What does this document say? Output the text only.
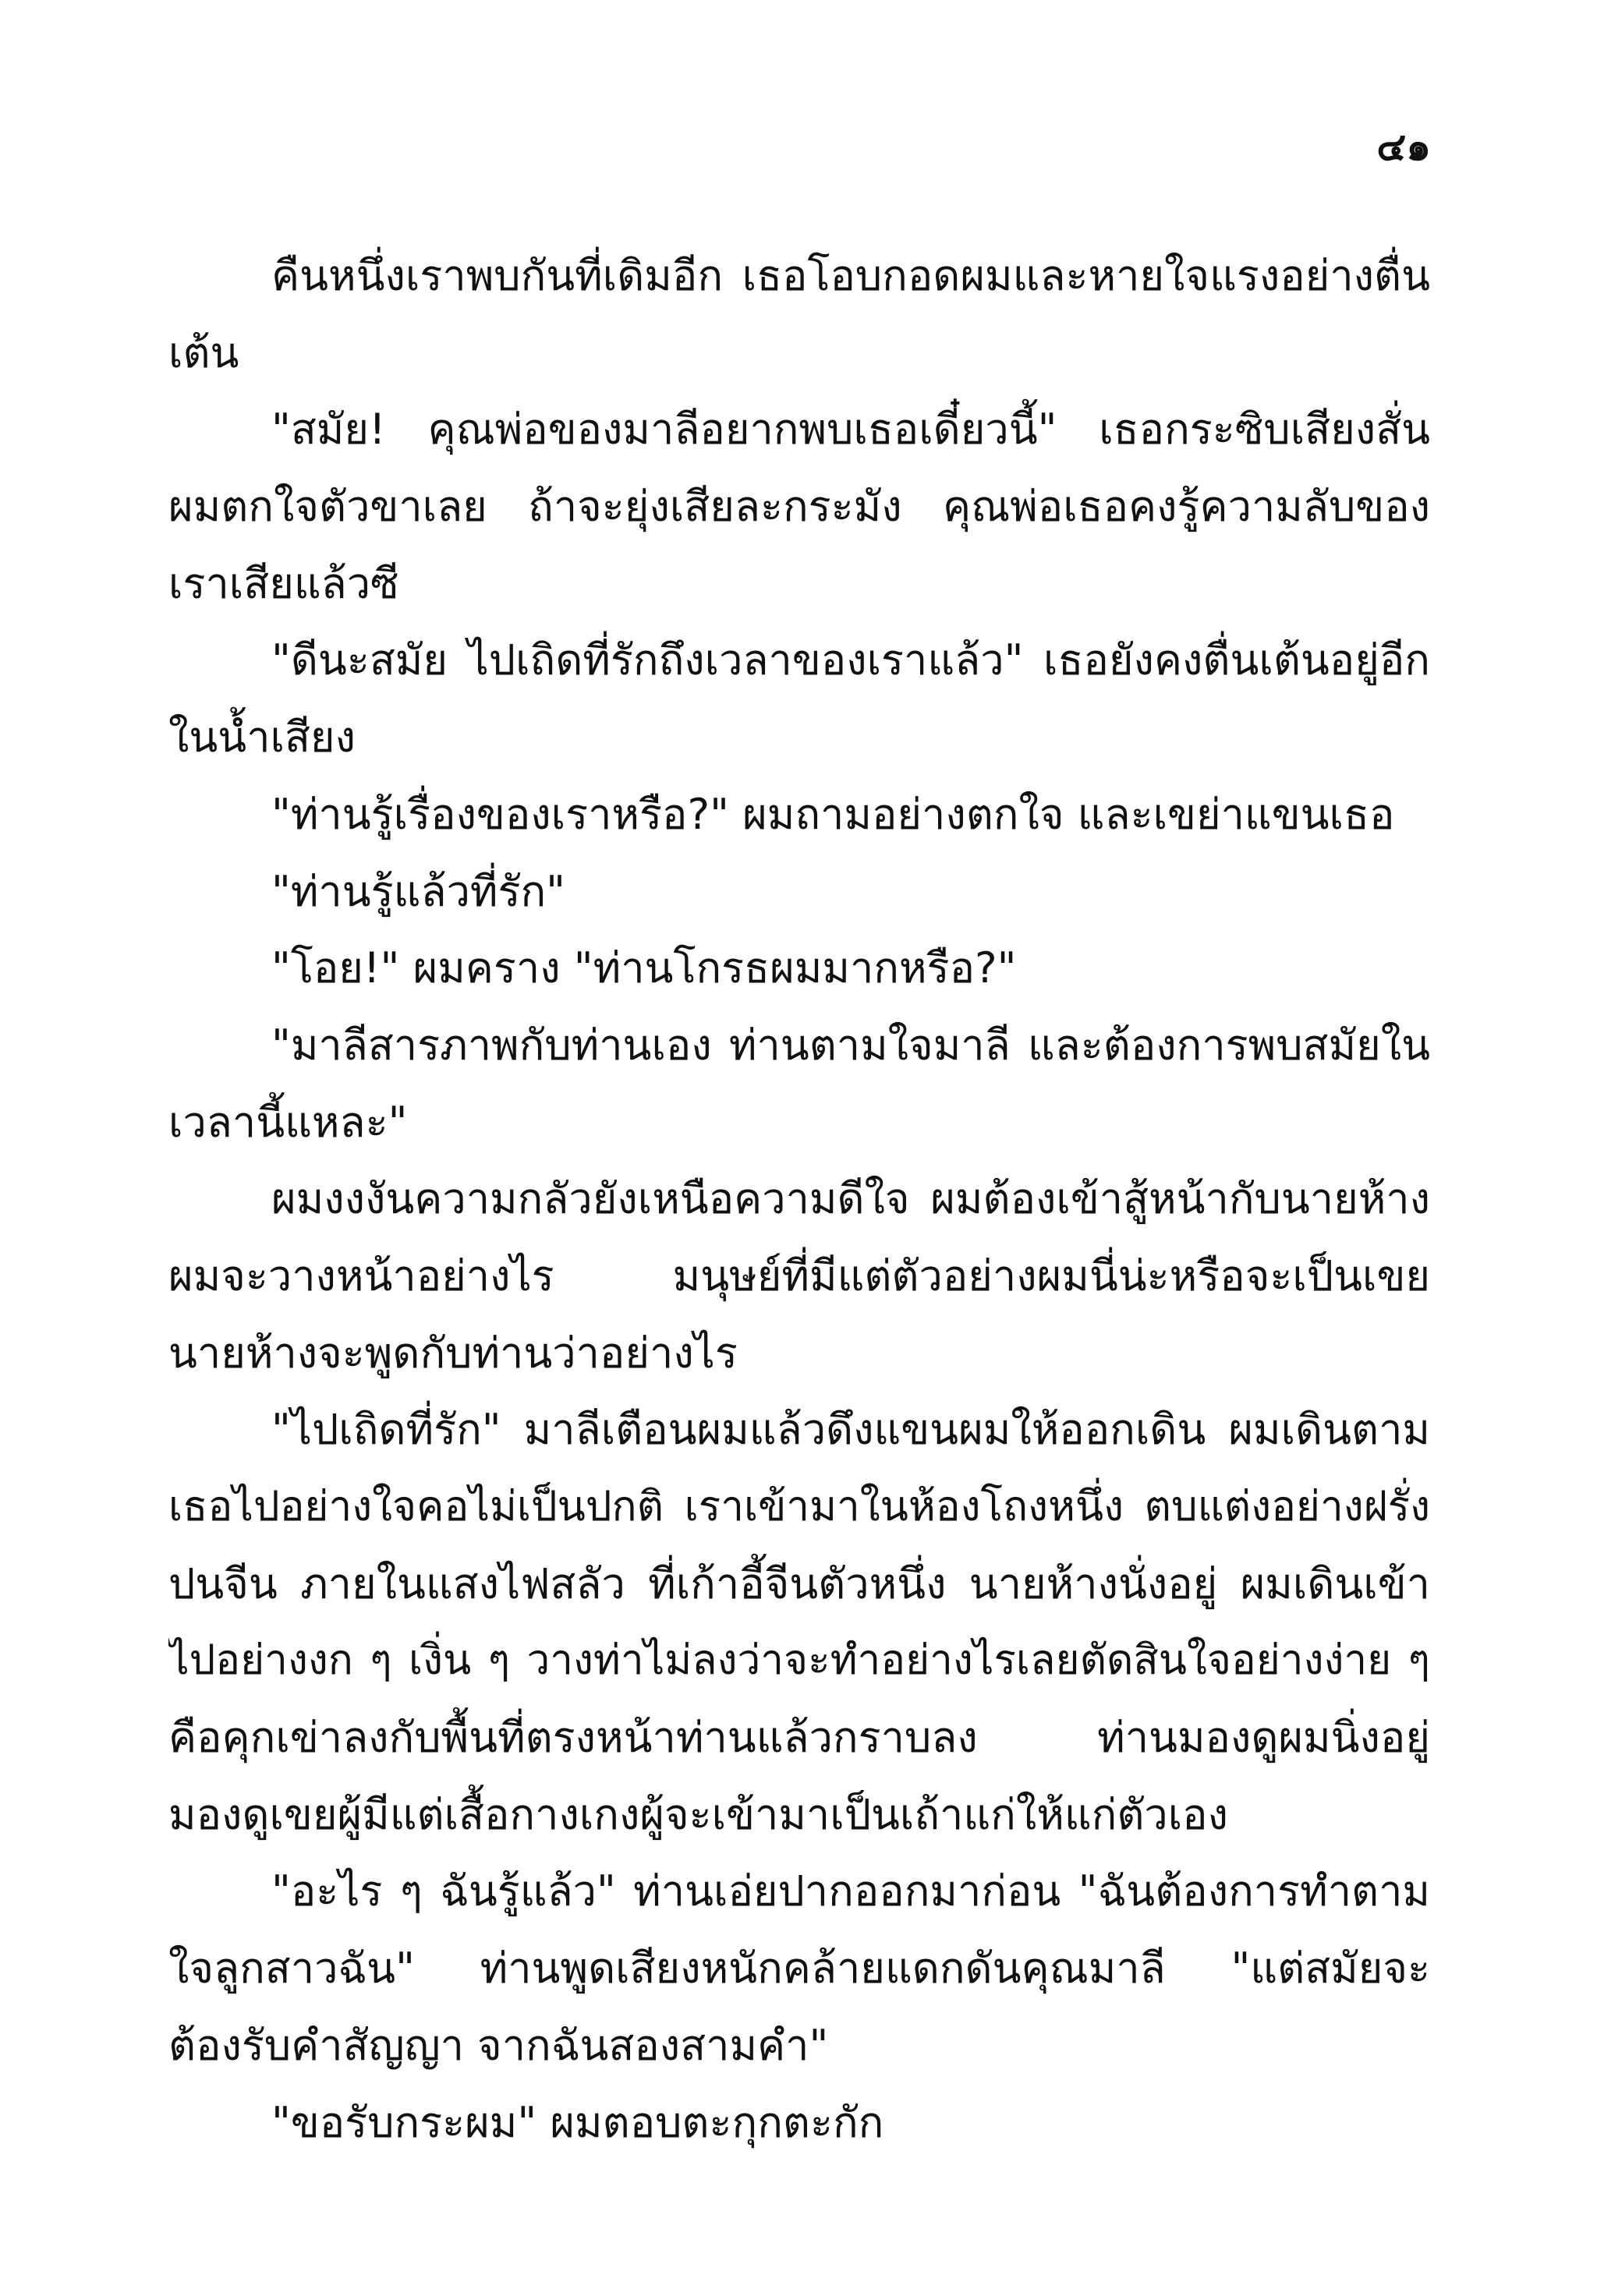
๔๑
คืนหนึ่งเราพบกันที่เดิมอีก เธอโอบกอดผมและหายใจแรงอย่างตื่น
เต้น
"สมัย! คุณพ่อของมาลีอยากพบเธอเดี๋ยวนี้" เธอกระซิบเสียงสั่น
ผมตกใจตัวขาเลย ถ้าจะยุ่งเสียละกระมัง คุณพ่อเธอคงรู้ความลับของ
เราเสียแล้วซี
"ดีนะสมัย ไปเถิดที่รักถึงเวลาของเราแล้ว" เธอยังคงตื่นเต้นอยู่อีก
ในน้ำเสียง
"ท่านรู้เรื่องของเราหรือ?" ผมถามอย่างตกใจ และเขย่าแขนเธอ
"ท่านรู้แล้วที่รัก"
"โอย!" ผมคราง "ท่านโกรธผมมากหรือ?"
"มาลีสารภาพกับท่านเอง ท่านตามใจมาลี และต้องการพบสมัยใน
เวลานี้แหละ"
ผมงงงันความกลัวยังเหนือความดีใจ ผมต้องเข้าสู้หน้ากับนายห้าง
ผมจะวางหน้าอย่างไร มนุษย์ที่มีแต่ตัวอย่างผมนี่น่ะหรือจะเป็นเขย
นายห้างจะพูดกับท่านว่าอย่างไร
"ไปเถิดที่รัก" มาลีเตือนผมแล้วดึงแขนผมให้ออกเดิน ผมเดินตาม
เธอไปอย่างใจคอไม่เป็นปกติ เราเข้ามาในห้องโถงหนึ่ง ตบแต่งอย่างฝรั่ง
ปนจีน ภายในแสงไฟสลัว ที่เก้าอี้จีนตัวหนึ่ง นายห้างนั่งอยู่ ผมเดินเข้า
ไปอย่างงก ๆ เงิ่น ๆ วางท่าไม่ลงว่าจะทำอย่างไรเลยตัดสินใจอย่างง่าย ๆ
คือคุกเข่าลงกับพื้นที่ตรงหน้าท่านแล้วกราบลง ท่านมองดูผมนิ่งอยู่
มองดูเขยผู้มีแต่เสื้อกางเกงผู้จะเข้ามาเป็นเถ้าแก่ให้แก่ตัวเอง
"อะไร ๆ ฉันรู้แล้ว" ท่านเอ่ยปากออกมาก่อน "ฉันต้องการทำตาม
ใจลูกสาวฉัน" ท่านพูดเสียงหนักคล้ายแดกดันคุณมาลี "แต่สมัยจะ
ต้องรับคำสัญญา จากฉันสองสามคำ"
"ขอรับกระผม" ผมตอบตะกุกตะกัก
